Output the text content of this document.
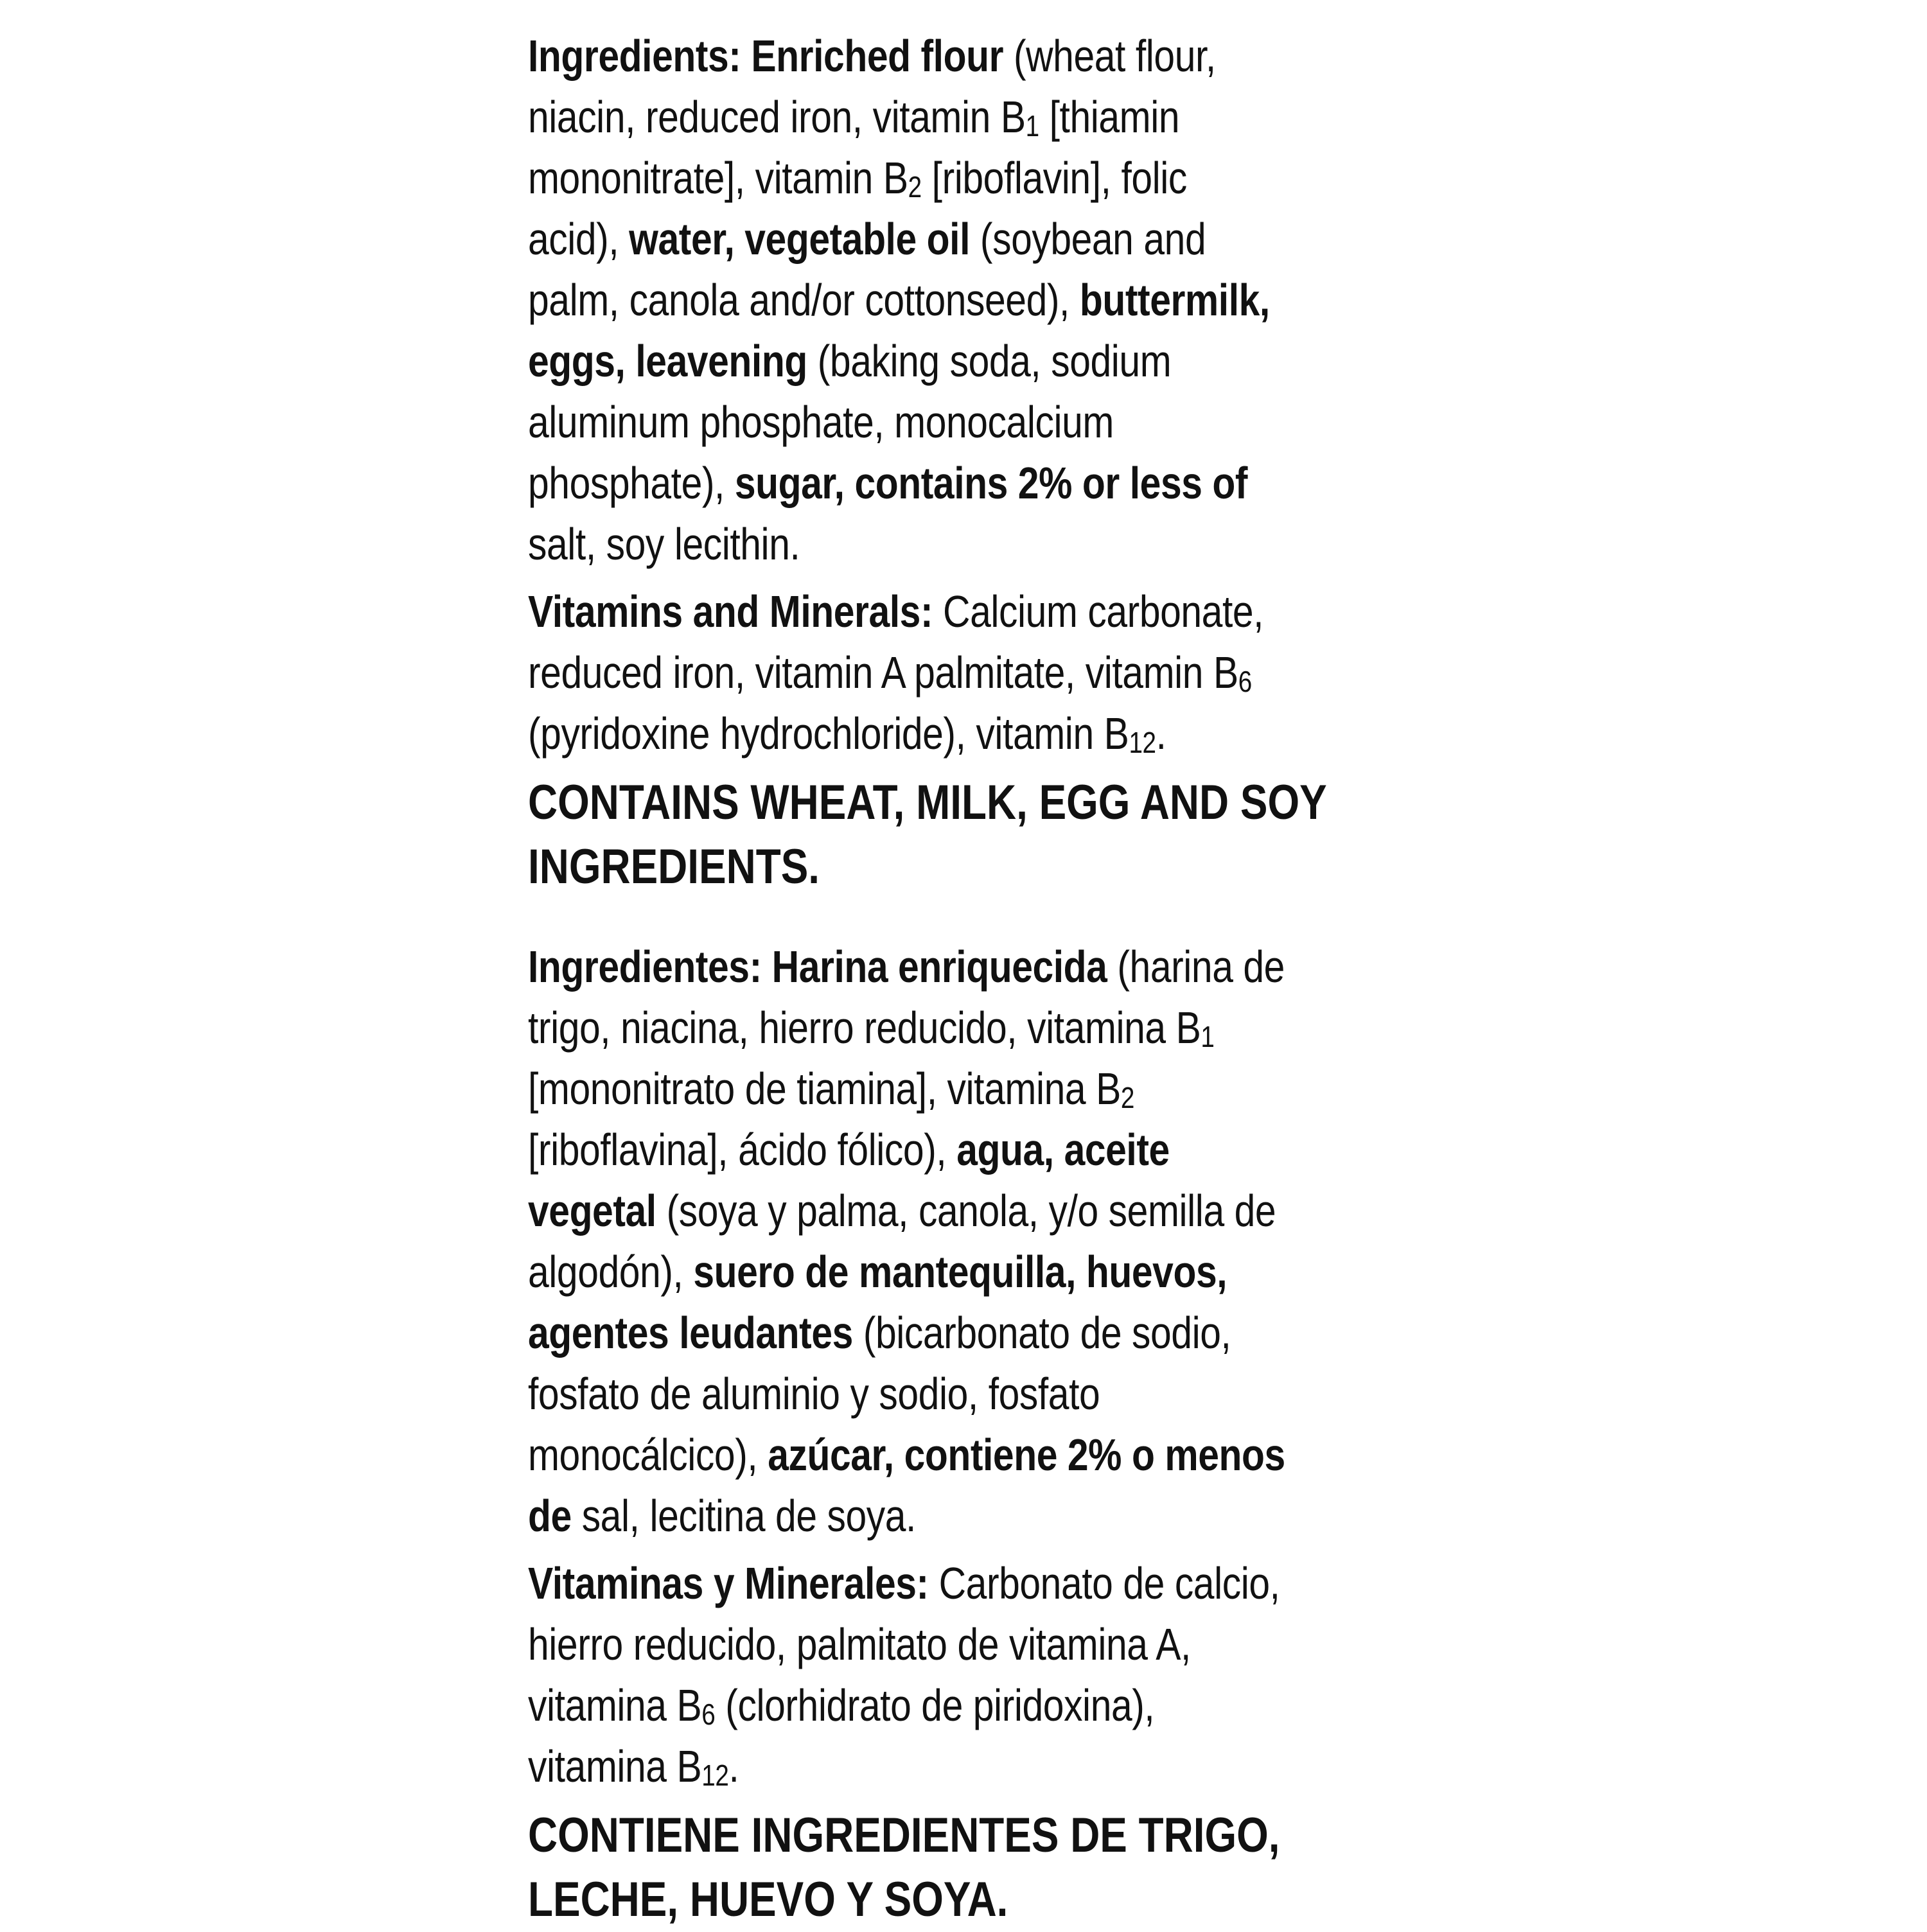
Ingredients: Enriched flour (wheat flour,
niacin, reduced iron, vitamin $B_1$ [thiamin
mononitrate], vitamin $B_2$ [riboflavin], folic
acid), water, vegetable oil (soybean and
palm, canola and/or cottonseed), buttermilk,
eggs, leavening (baking soda, sodium
aluminum phosphate, monocalcium
phosphate), sugar, contains 2% or less of
salt, soy lecithin.
Vitamins and Minerals: Calcium carbonate,
reduced iron, vitamin A palmitate, vitamin $B_6$
(pyridoxine hydrochloride), vitamin $B_{12}$.
CONTAINS WHEAT, MILK, EGG AND SOY
INGREDIENTS.
Ingredientes: Harina enriquecida (harina de
trigo, niacina, hierro reducido, vitamina $B_1$
[mononitrato de tiamina], vitamina $B_2$
[riboflavina], ácido fólico), agua, aceite
vegetal (soya y palma, canola, y/o semilla de
algodón), suero de mantequilla, huevos,
agentes leudantes (bicarbonato de sodio,
fosfato de aluminio y sodio, fosfato
monocálcico), azúcar, contiene 2% o menos
de sal, lecitina de soya.
Vitaminas y Minerales: Carbonato de calcio,
hierro reducido, palmitato de vitamina A,
vitamina $B_6$ (clorhidrato de piridoxina),
vitamina $B_{12}$.
CONTIENE INGREDIENTES DE TRIGO,
LECHE, HUEVO Y SOYA.
